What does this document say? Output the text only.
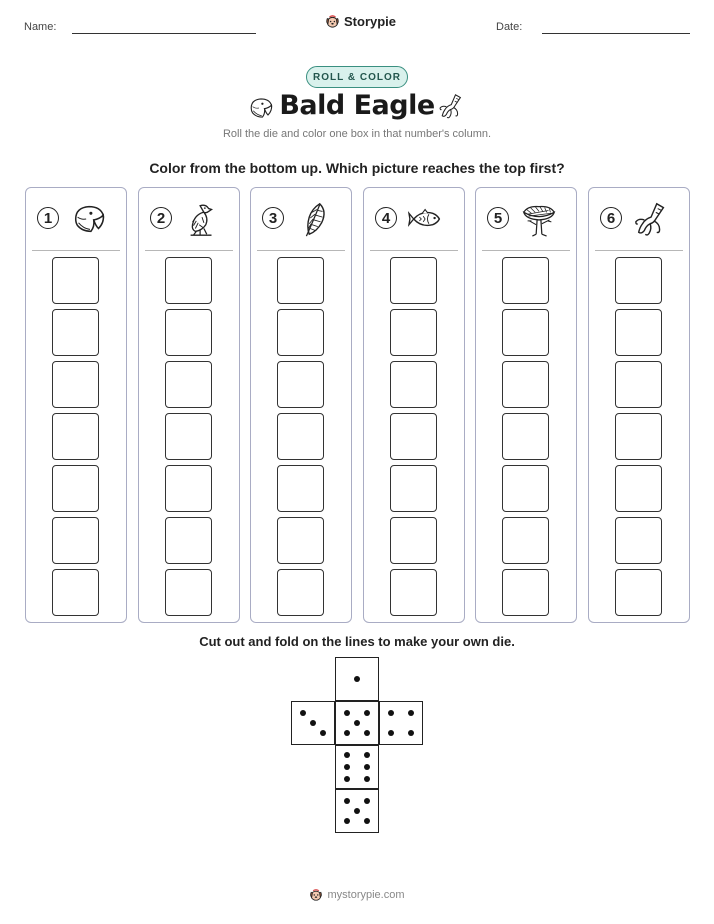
Name:	Storypie	Date:
ROLL & COLOR
Bald Eagle
Roll the die and color one box in that number's column.
Color from the bottom up. Which picture reaches the top first?
1	2	3	4	5	6
Cut out and fold on the lines to make your own die.
mystorypie.com
